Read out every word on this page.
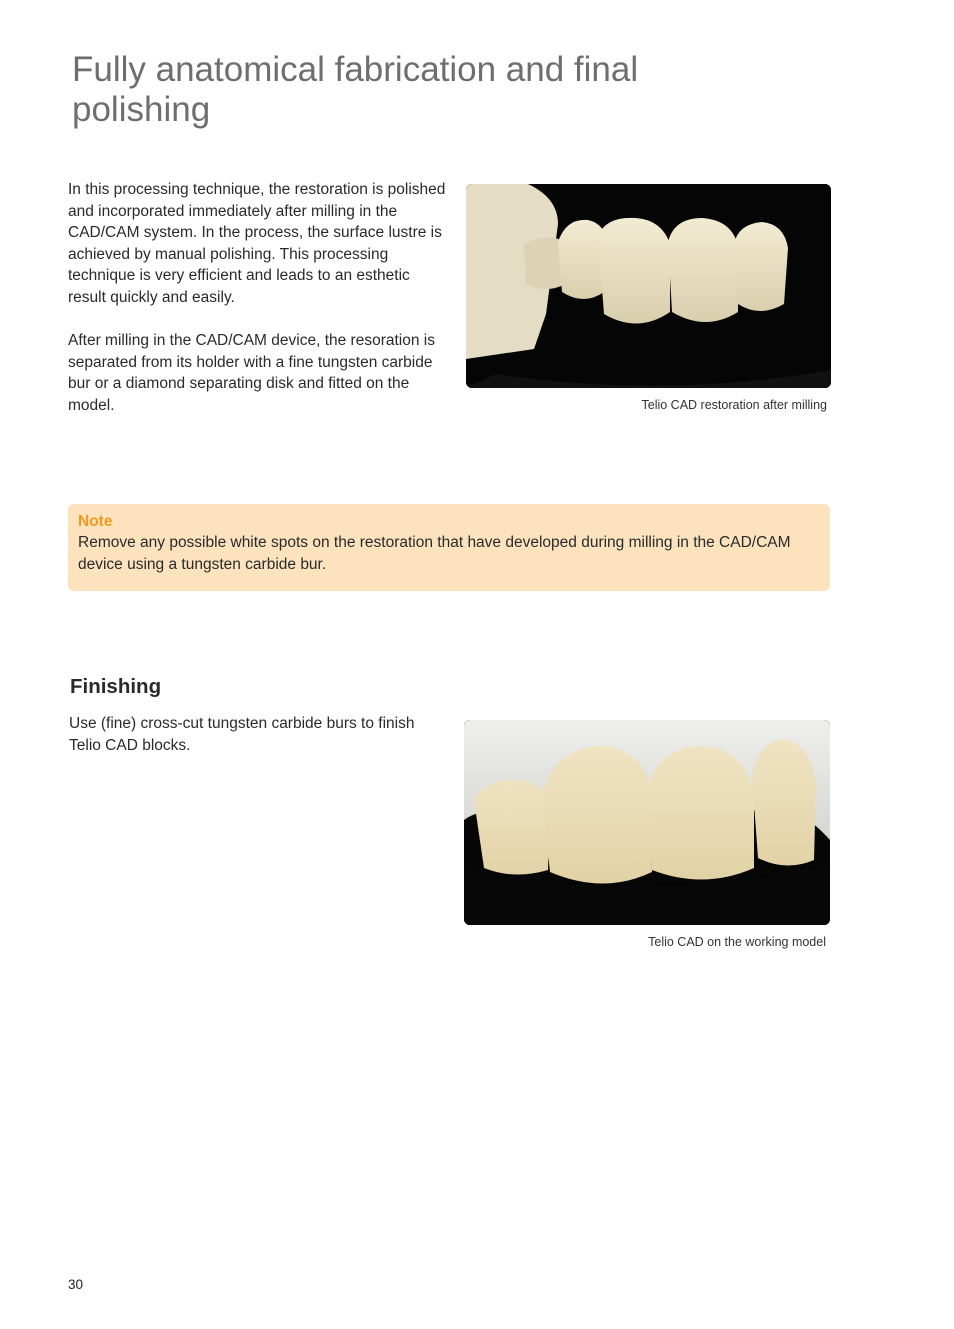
Fully anatomical fabrication and final polishing

In this processing technique, the restoration is polished and incorporated immediately after milling in the CAD/CAM system. In the process, the surface lustre is achieved by manual polishing. This processing technique is very efficient and leads to an esthetic result quickly and easily.

After milling in the CAD/CAM device, the resoration is separated from its holder with a fine tungsten carbide bur or a diamond separating disk and fitted on the model.	Telio CAD restoration after milling
Note

Remove any possible white spots on the restoration that have developed during milling in the CAD/CAM device using a tungsten carbide bur.

Finishing

Use (fine) cross-cut tungsten carbide burs to finish Telio CAD blocks.

Telio CAD on the working model
30
